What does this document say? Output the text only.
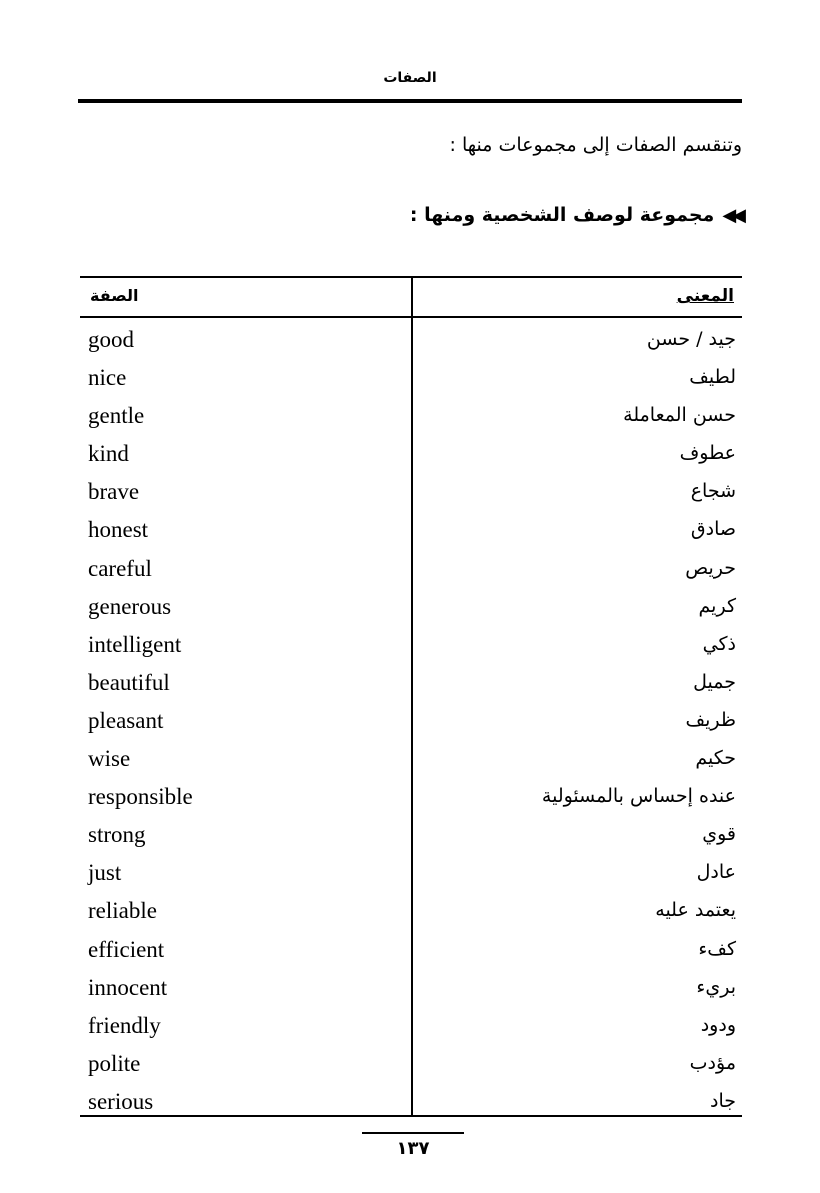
الصفات
وتنقسم الصفات إلى مجموعات منها :
◀◀مجموعة لوصف الشخصية ومنها :
الصفة	المعنى
good	جيد / حسن
nice	لطيف
gentle	حسن المعاملة
kind	عطوف
brave	شجاع
honest	صادق
careful	حريص
generous	كريم
intelligent	ذكي
beautiful	جميل
pleasant	ظريف
wise	حكيم
responsible	عنده إحساس بالمسئولية
strong	قوي
just	عادل
reliable	يعتمد عليه
efficient	كفء
innocent	بريء
friendly	ودود
polite	مؤدب
serious	جاد
١٣٧
